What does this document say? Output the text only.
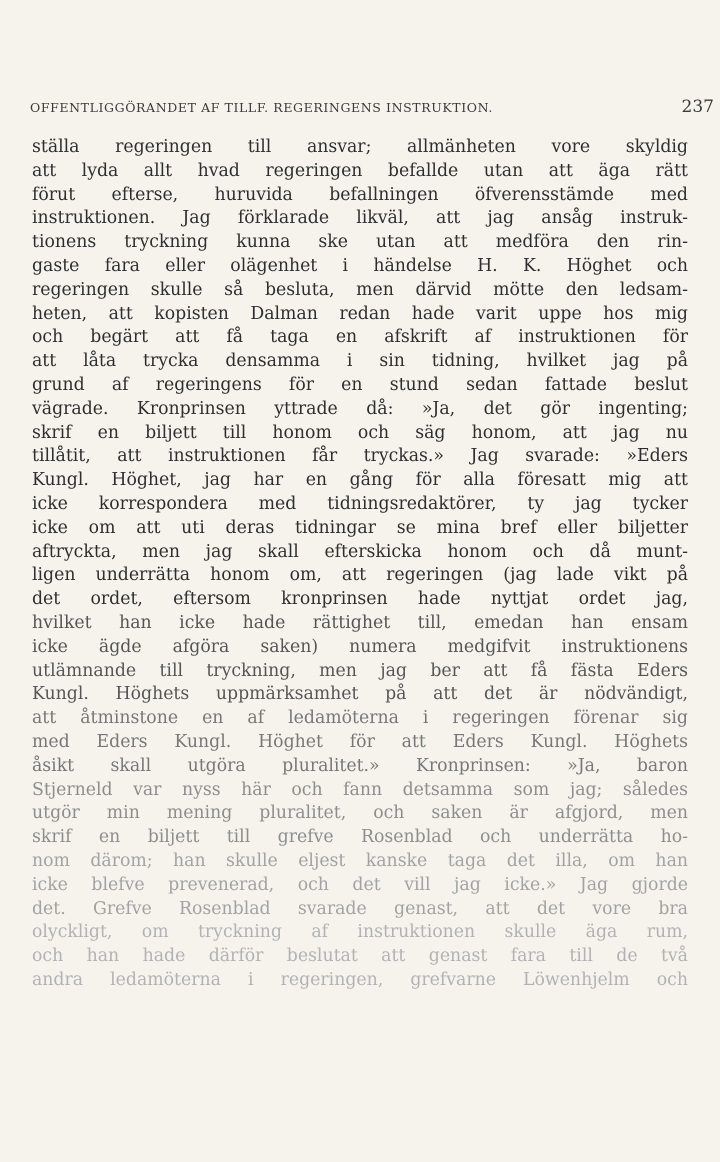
OFFENTLIGGÖRANDET AF TILLF. REGERINGENS INSTRUKTION.	237
ställa regeringen till ansvar; allmänheten vore skyldig
att lyda allt hvad regeringen befallde utan att äga rätt
förut efterse, huruvida befallningen öfverensstämde med
instruktionen. Jag förklarade likväl, att jag ansåg instruk-
tionens tryckning kunna ske utan att medföra den rin-
gaste fara eller olägenhet i händelse H. K. Höghet och
regeringen skulle så besluta, men därvid mötte den ledsam-
heten, att kopisten Dalman redan hade varit uppe hos mig
och begärt att få taga en afskrift af instruktionen för
att låta trycka densamma i sin tidning, hvilket jag på
grund af regeringens för en stund sedan fattade beslut
vägrade. Kronprinsen yttrade då: »Ja, det gör ingenting;
skrif en biljett till honom och säg honom, att jag nu
tillåtit, att instruktionen får tryckas.» Jag svarade: »Eders
Kungl. Höghet, jag har en gång för alla föresatt mig att
icke korrespondera med tidningsredaktörer, ty jag tycker
icke om att uti deras tidningar se mina bref eller biljetter
aftryckta, men jag skall efterskicka honom och då munt-
ligen underrätta honom om, att regeringen (jag lade vikt på
det ordet, eftersom kronprinsen hade nyttjat ordet jag,
hvilket han icke hade rättighet till, emedan han ensam
icke ägde afgöra saken) numera medgifvit instruktionens
utlämnande till tryckning, men jag ber att få fästa Eders
Kungl. Höghets uppmärksamhet på att det är nödvändigt,
att åtminstone en af ledamöterna i regeringen förenar sig
med Eders Kungl. Höghet för att Eders Kungl. Höghets
åsikt skall utgöra pluralitet.» Kronprinsen: »Ja, baron
Stjerneld var nyss här och fann detsamma som jag; således
utgör min mening pluralitet, och saken är afgjord, men
skrif en biljett till grefve Rosenblad och underrätta ho-
nom därom; han skulle eljest kanske taga det illa, om han
icke blefve prevenerad, och det vill jag icke.» Jag gjorde
det. Grefve Rosenblad svarade genast, att det vore bra
olyckligt, om tryckning af instruktionen skulle äga rum,
och han hade därför beslutat att genast fara till de två
andra ledamöterna i regeringen, grefvarne Löwenhjelm och
